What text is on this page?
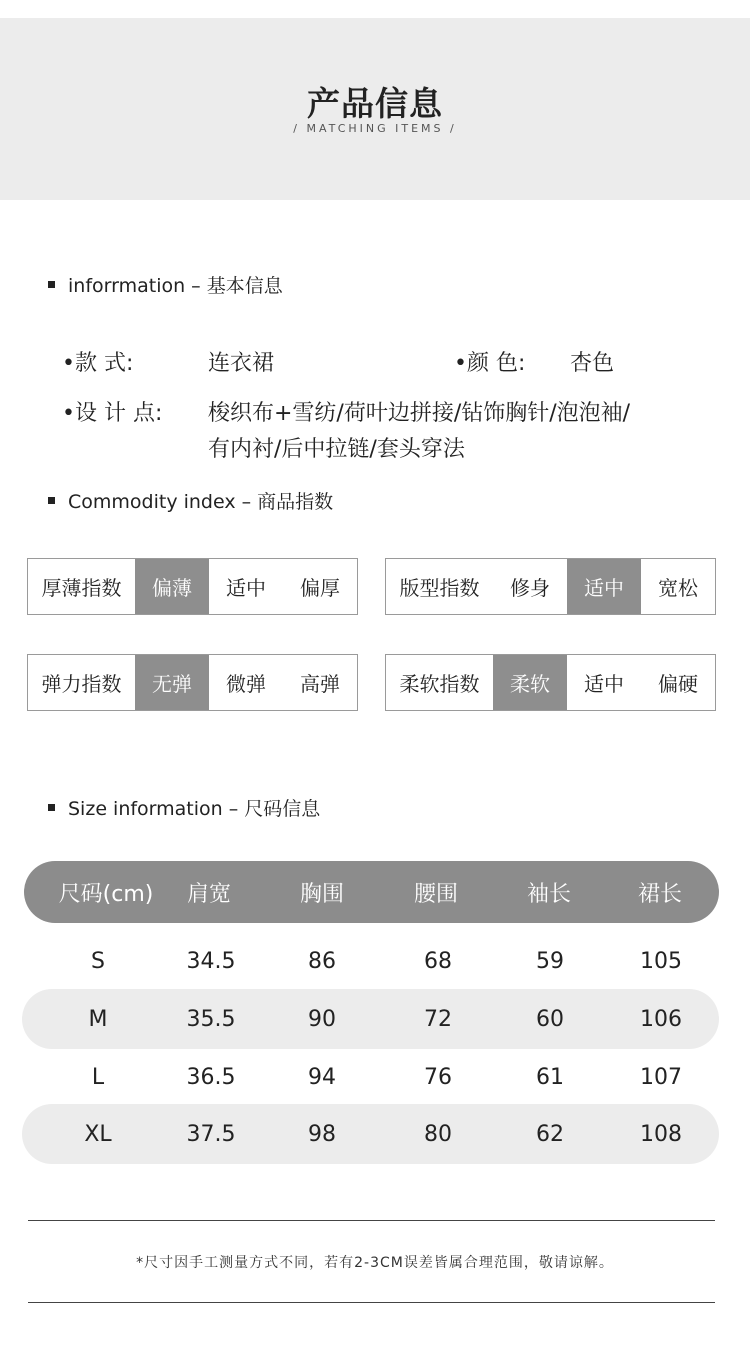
产品信息
/ MATCHING ITEMS /
inforrmation – 基本信息
•款 式:	连衣裙	•颜 色: 杏色
•设 计 点: 梭织布+雪纺/荷叶边拼接/钻饰胸针/泡泡袖/
有内衬/后中拉链/套头穿法
Commodity index – 商品指数
厚薄指数	偏薄	适中	偏厚	版型指数	修身	适中	宽松
弹力指数	无弹	微弹	高弹	柔软指数	柔软	适中	偏硬
Size information – 尺码信息
尺码(cm) 肩宽	胸围	腰围	袖长	裙长
S	34.5	86	68	59	105
M	35.5	90	72	60	106
L	36.5	94	76	61	107
XL	37.5	98	80	62	108
*尺寸因手工测量方式不同，若有2-3CM误差皆属合理范围，敬请谅解。
